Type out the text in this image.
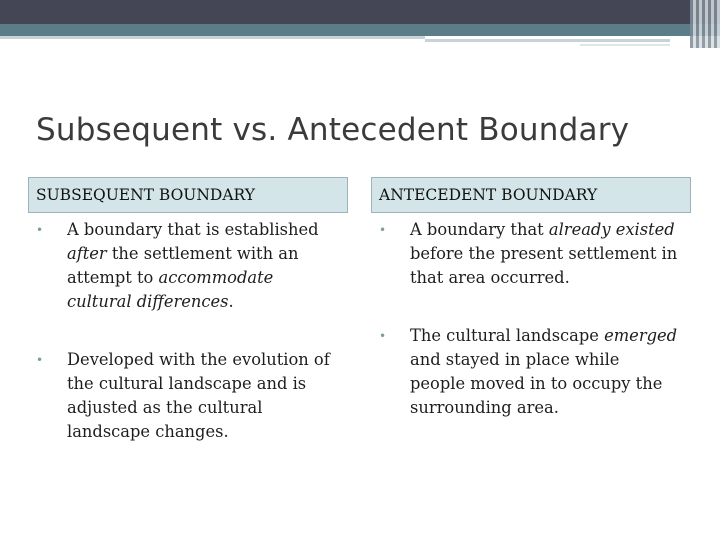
Subsequent vs. Antecedent Boundary
SUBSEQUENT BOUNDARY	ANTECEDENT BOUNDARY
• A boundary that is established after the settlement with an attempt to accommodate cultural differences.
• Developed with the evolution of the cultural landscape and is adjusted as the cultural landscape changes.
• A boundary that already existed before the present settlement in that area occurred.
• The cultural landscape emerged and stayed in place while people moved in to occupy the surrounding area.
